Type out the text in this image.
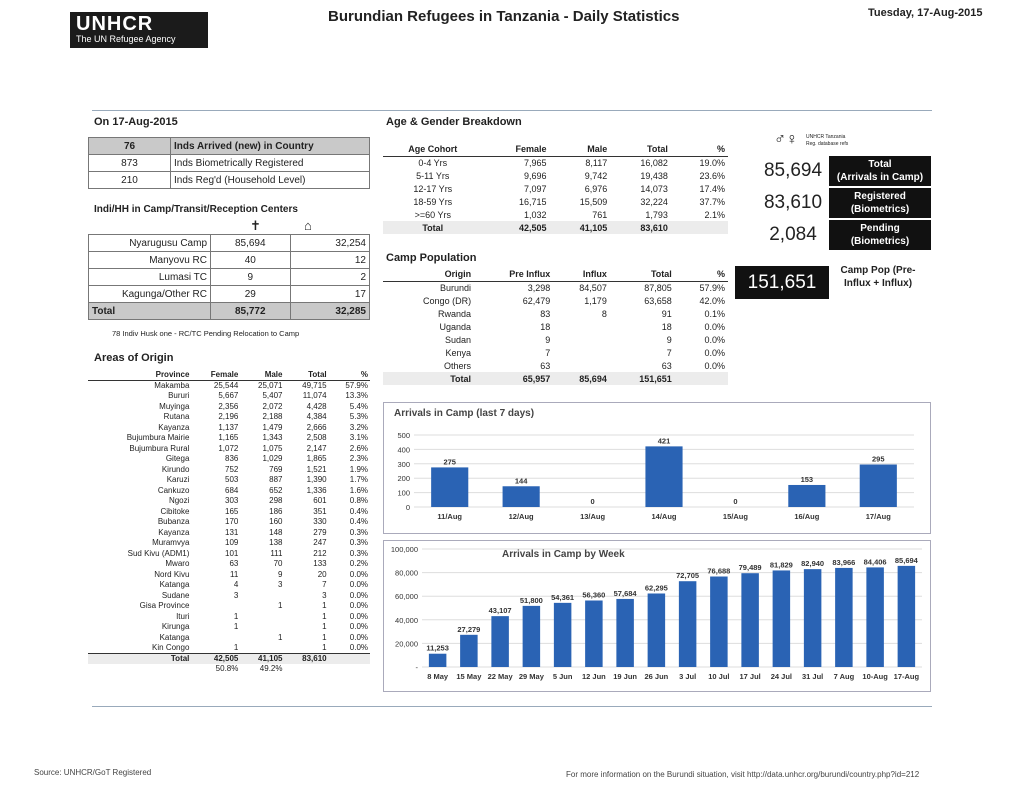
UNHCR
The UN Refugee Agency
Burundian Refugees in Tanzania - Daily Statistics	Tuesday, 17-Aug-2015
On 17-Aug-2015
76	Inds Arrived (new) in Country
873	Inds Biometrically Registered
210	Inds Reg'd (Household Level)
Indi/HH in Camp/Transit/Reception Centers
✝	⌂
Nyarugusu Camp	85,694	32,254
Manyovu RC	40	12
Lumasi TC	9	2
Kagunga/Other RC	29	17
Total	85,772	32,285
78 Indiv Husk one - RC/TC Pending Relocation to Camp
Areas of Origin
Province	Female	Male	Total	%
Makamba	25,544	25,071	49,715	57.9%
Bururi	5,667	5,407	11,074	13.3%
Muyinga	2,356	2,072	4,428	5.4%
Rutana	2,196	2,188	4,384	5.3%
Kayanza	1,137	1,479	2,666	3.2%
Bujumbura Mairie	1,165	1,343	2,508	3.1%
Bujumbura Rural	1,072	1,075	2,147	2.6%
Gitega	836	1,029	1,865	2.3%
Kirundo	752	769	1,521	1.9%
Karuzi	503	887	1,390	1.7%
Cankuzo	684	652	1,336	1.6%
Ngozi	303	298	601	0.8%
Cibitoke	165	186	351	0.4%
Bubanza	170	160	330	0.4%
Kayanza	131	148	279	0.3%
Muramvya	109	138	247	0.3%
Sud Kivu (ADM1)	101	111	212	0.3%
Mwaro	63	70	133	0.2%
Nord Kivu	11	9	20	0.0%
Katanga	4	3	7	0.0%
Sudane	3		3	0.0%
Gisa Province		1	1	0.0%
Ituri	1		1	0.0%
Kirunga	1		1	0.0%
Katanga		1	1	0.0%
Kin Congo	1		1	0.0%
Total	42,505	41,105	83,610	
	50.8%	49.2%		
Age & Gender Breakdown
Age Cohort	Female	Male	Total	%
0-4 Yrs	7,965	8,117	16,082	19.0%
5-11 Yrs	9,696	9,742	19,438	23.6%
12-17 Yrs	7,097	6,976	14,073	17.4%
18-59 Yrs	16,715	15,509	32,224	37.7%
>=60 Yrs	1,032	761	1,793	2.1%
Total	42,505	41,105	83,610	
Camp Population
Origin	Pre Influx	Influx	Total	%
Burundi	3,298	84,507	87,805	57.9%
Congo (DR)	62,479	1,179	63,658	42.0%
Rwanda	83	8	91	0.1%
Uganda	18		18	0.0%
Sudan	9		9	0.0%
Kenya	7		7	0.0%
Others	63		63	0.0%
Total	65,957	85,694	151,651	
♂♀ UNHCR Tanzania
Reg. database refs
85,694	Total
(Arrivals in Camp)
83,610	Registered
(Biometrics)
2,084	Pending
(Biometrics)
151,651
Camp Pop (Pre-Influx + Influx)
Arrivals in Camp (last 7 days)
0
100
200
300
400
500
275
11/Aug
144
12/Aug
0
13/Aug
421
14/Aug
0
15/Aug
153
16/Aug
295
17/Aug
Arrivals in Camp by Week
-
20,000
40,000
60,000
80,000
100,000
11,253
8 May
27,279
15 May
43,107
22 May
51,800
29 May
54,361
5 Jun
56,360
12 Jun
57,684
19 Jun
62,295
26 Jun
72,705
3 Jul
76,688
10 Jul
79,489
17 Jul
81,829
24 Jul
82,940
31 Jul
83,966
7 Aug
84,406
10-Aug
85,694
17-Aug
Source: UNHCR/GoT Registered	For more information on the Burundi situation, visit http://data.unhcr.org/burundi/country.php?id=212
